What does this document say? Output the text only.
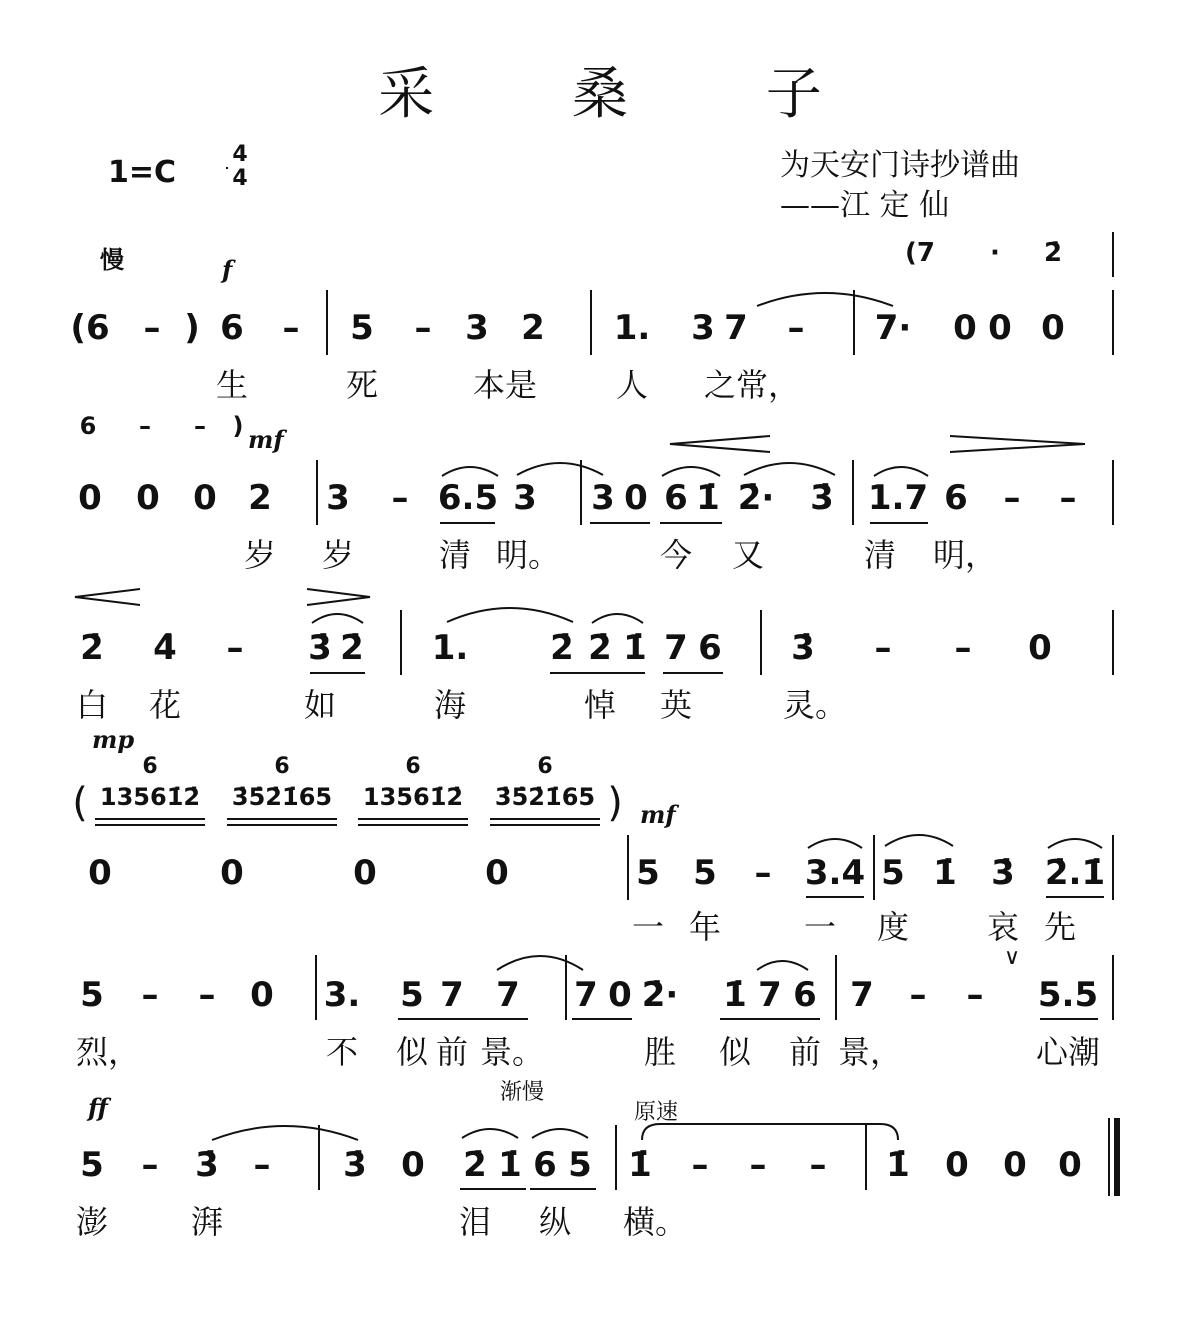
采 桑 子
1=C
4
4	为天安门诗抄谱曲
——江 定 仙
慢	f
(7 · 2̇
(6 – ) 6 – 5 – 3 2 1. 3 7 – 7· 0 0 0
生	死	本是 人 之常，
6 – – ) mf
0 0 0 2 3 – 6.5 3 3 0 6 1̇ 2̇· 3̇ 1.7 6 – –
岁 岁	清 明。	今 又	清 明，
2̇ 4̇ – 3̇ 2̇ 1. 2̇ 2̇ 1̇ 7 6 3̇ – – 0
白 花	如	海	悼 英	灵。
mp
( 13561̇2̇ 3̇5̇2̇1̇65 13561̇2̇ 3̇5̇2̇1̇65 )
6	6	6	6
mf
0	0	0	0	5 5 – 3.4 5 1̇ 3̇ 2̇.1̇
一 年	一 度 哀 先
5 – – 0 3. 5 7 7 7 0 2̇· 1̇ 7 6 7 – – 5.5
∨
烈，	不 似 前 景。	胜 似 前 景，	心潮
ff
渐慢
原速
5 – 3̇ – 3̇ 0 2̇ 1̇ 6 5 1̇ – – – 1̇ 0 0 0
澎	湃	泪 纵 横。
